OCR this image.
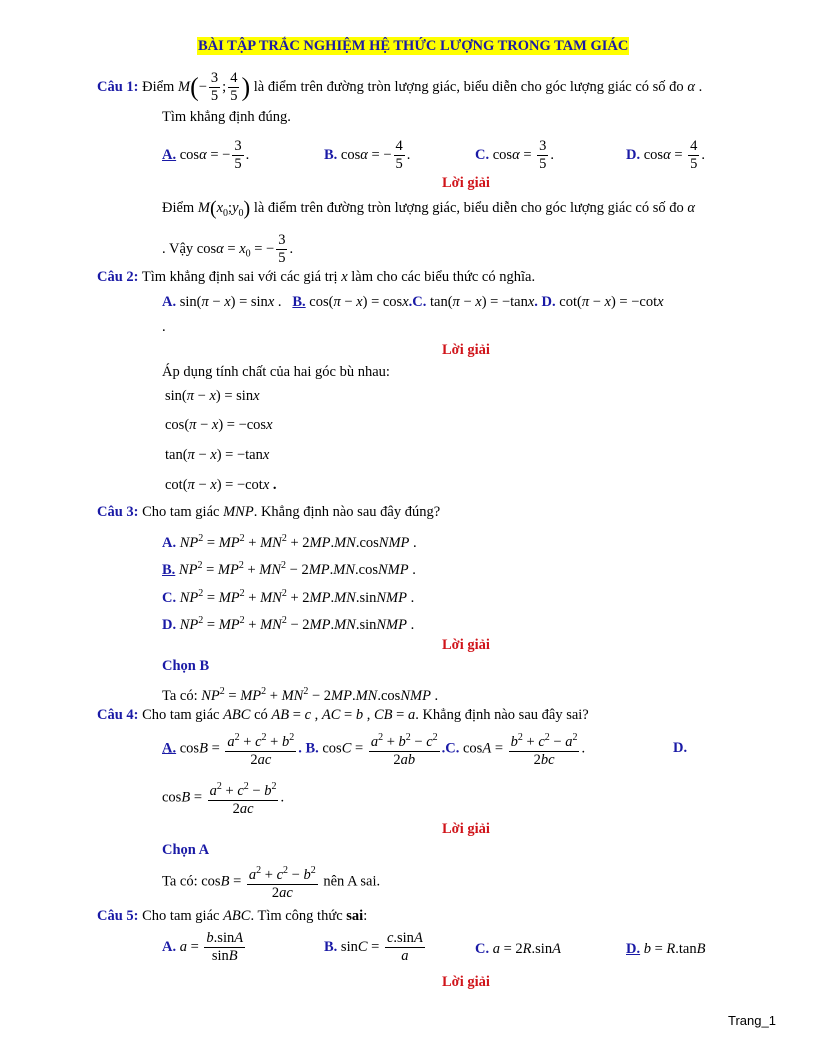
BÀI TẬP TRẮC NGHIỆM HỆ THỨC LƯỢNG TRONG TAM GIÁC
Câu 1: Điểm $M(- \frac{3}{5}$ ; $\frac{4}{5}$ ) là điểm trên đường tròn lượng giác, biểu diễn cho góc lượng giác có số đo α .
Tìm khẳng định đúng.
A. cosα = − $\frac{3}{5}$ .	B. cosα = − $\frac{4}{5}$ .	C. $\cos\alpha = \frac{3}{5}$ .	D. $\cos\alpha = \frac{4}{5}$ .
Lời giải
Điểm $M(x_0;y_0)$ là điểm trên đường tròn lượng giác, biểu diễn cho góc lượng giác có số đo α
. Vậy $\cos\alpha = x_0$ = − $\frac{3}{5}$ .
Câu 2: Tìm khẳng định sai với các giá trị x làm cho các biểu thức có nghĩa.
A. sin(π − x) = sinx .   B. cos(π − x) = cosx.C. tan(π − x) = −tanx. D. cot(π − x) = −cotx
.
Lời giải
Áp dụng tính chất của hai góc bù nhau:
sin(π − x) = sinx
cos(π − x) = −cosx
tan(π − x) = −tanx
cot(π − x) = −cotx .
Câu 3: Cho tam giác MNP. Khẳng định nào sau đây đúng?
A. $NP^2 = MP^2 + MN^2$ + 2MP.MN.cosNMP .
B. $NP^2 = MP^2 + MN^2$ − 2MP.MN.cosNMP .
C. $NP^2 = MP^2 + MN^2$ + 2MP.MN.sinNMP .
D. $NP^2 = MP^2 + MN^2$ − 2MP.MN.sinNMP .
Lời giải
Chọn B
Ta có: $NP^2 = MP^2 + MN^2$ − 2MP.MN.cosNMP .
Câu 4: Cho tam giác ABC có AB = c , AC = b , CB = a. Khẳng định nào sau đây sai?
A. $\cos B = \frac{a^2 + c^2 + b^2}{2ac}$ . B. $\cos C = \frac{a^2 + b^2 - c^2}{2ab} .C$. $\cos A = \frac{b^2 + c^2 - a^2}{2bc}$ .	D.
$\cos B = \frac{a^2 + c^2 - b^2}{2ac}$ .
Lời giải
Chọn A
Ta có: $\cos B = \frac{a^2 + c^2 - b^2}{2ac}$ nên A sai.
Câu 5: Cho tam giác ABC. Tìm công thức sai:
A. $a = \frac{b.\sin A}{\sin B}$	B. $\sin C = \frac{c.\sin A}{a}$	C. a = 2R.sinA	D. b = R.tanB
Lời giải
Trang_1
